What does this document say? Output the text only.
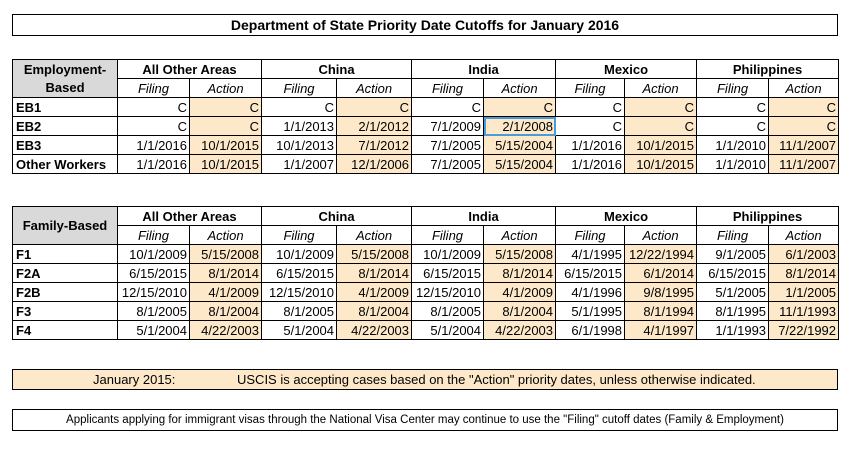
Department of State Priority Date Cutoffs for January 2016
Employment-
Based	All Other Areas		China		India		Mexico		Philippines	
	Filing	Action	Filing	Action	Filing	Action	Filing	Action	Filing	Action
EB1	C	C	C	C	C	C	C	C	C	C
EB2	C	C	1/1/2013	2/1/2012	7/1/2009	2/1/2008	C	C	C	C
EB3	1/1/2016	10/1/2015	10/1/2013	7/1/2012	7/1/2005	5/15/2004	1/1/2016	10/1/2015	1/1/2010	11/1/2007
Other Workers	1/1/2016	10/1/2015	1/1/2007	12/1/2006	7/1/2005	5/15/2004	1/1/2016	10/1/2015	1/1/2010	11/1/2007
Family-Based	All Other Areas		China		India		Mexico		Philippines	
	Filing	Action	Filing	Action	Filing	Action	Filing	Action	Filing	Action
F1	10/1/2009	5/15/2008	10/1/2009	5/15/2008	10/1/2009	5/15/2008	4/1/1995	12/22/1994	9/1/2005	6/1/2003
F2A	6/15/2015	8/1/2014	6/15/2015	8/1/2014	6/15/2015	8/1/2014	6/15/2015	6/1/2014	6/15/2015	8/1/2014
F2B	12/15/2010	4/1/2009	12/15/2010	4/1/2009	12/15/2010	4/1/2009	4/1/1996	9/8/1995	5/1/2005	1/1/2005
F3	8/1/2005	8/1/2004	8/1/2005	8/1/2004	8/1/2005	8/1/2004	5/1/1995	8/1/1994	8/1/1995	11/1/1993
F4	5/1/2004	4/22/2003	5/1/2004	4/22/2003	5/1/2004	4/22/2003	6/1/1998	4/1/1997	1/1/1993	7/22/1992
January 2015:	USCIS is accepting cases based on the "Action" priority dates, unless otherwise indicated.
Applicants applying for immigrant visas through the National Visa Center may continue to use the "Filing" cutoff dates (Family & Employment)
